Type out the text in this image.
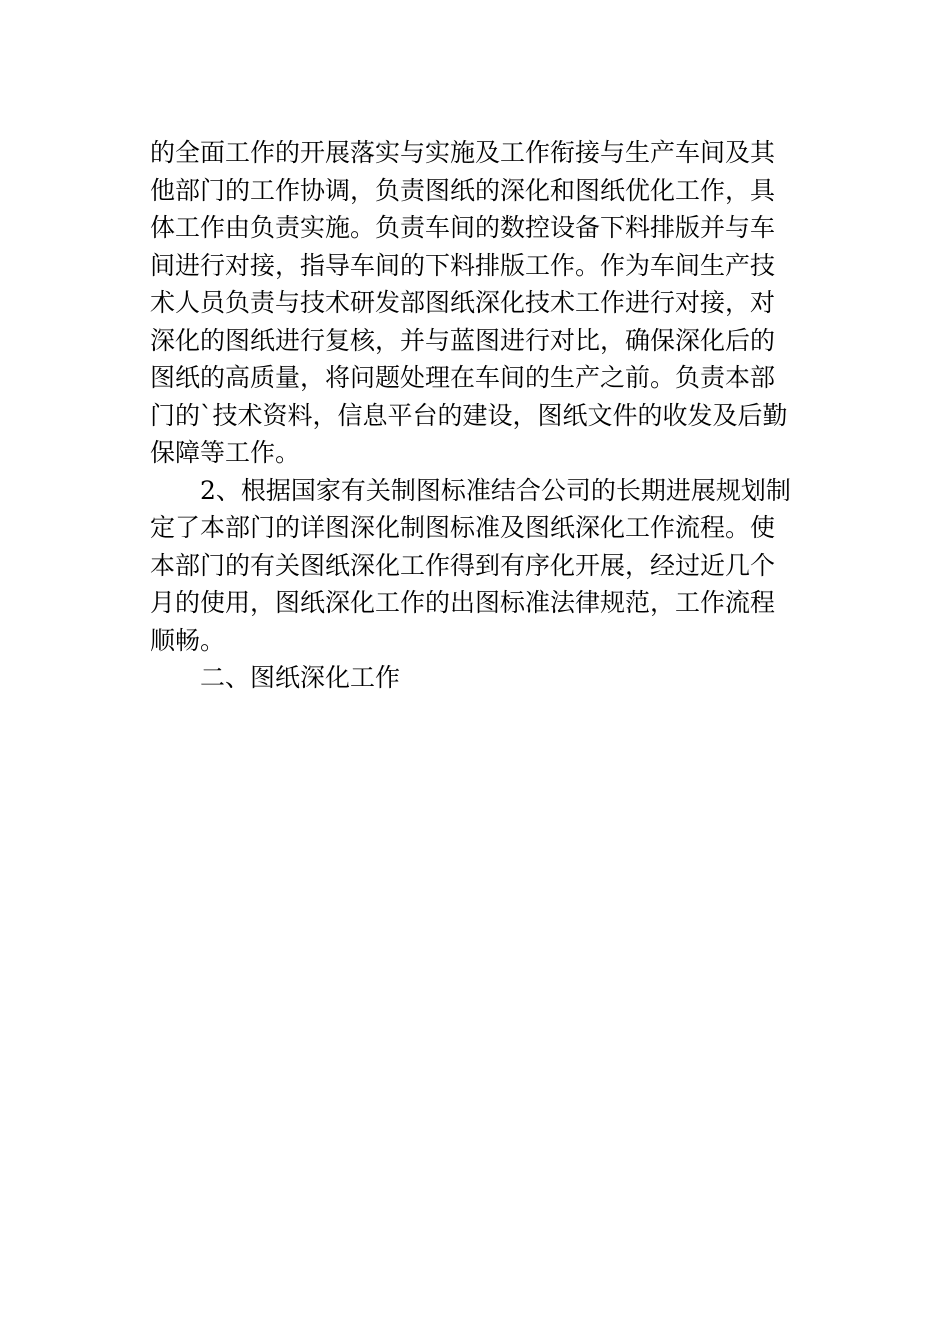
的全面工作的开展落实与实施及工作衔接与生产车间及其
他部门的工作协调，负责图纸的深化和图纸优化工作，具
体工作由负责实施。负责车间的数控设备下料排版并与车
间进行对接，指导车间的下料排版工作。作为车间生产技
术人员负责与技术研发部图纸深化技术工作进行对接，对
深化的图纸进行复核，并与蓝图进行对比，确保深化后的
图纸的高质量，将问题处理在车间的生产之前。负责本部
门的`技术资料，信息平台的建设，图纸文件的收发及后勤
保障等工作。
2、根据国家有关制图标准结合公司的长期进展规划制
定了本部门的详图深化制图标准及图纸深化工作流程。使
本部门的有关图纸深化工作得到有序化开展，经过近几个
月的使用，图纸深化工作的出图标准法律规范，工作流程
顺畅。
二、图纸深化工作
